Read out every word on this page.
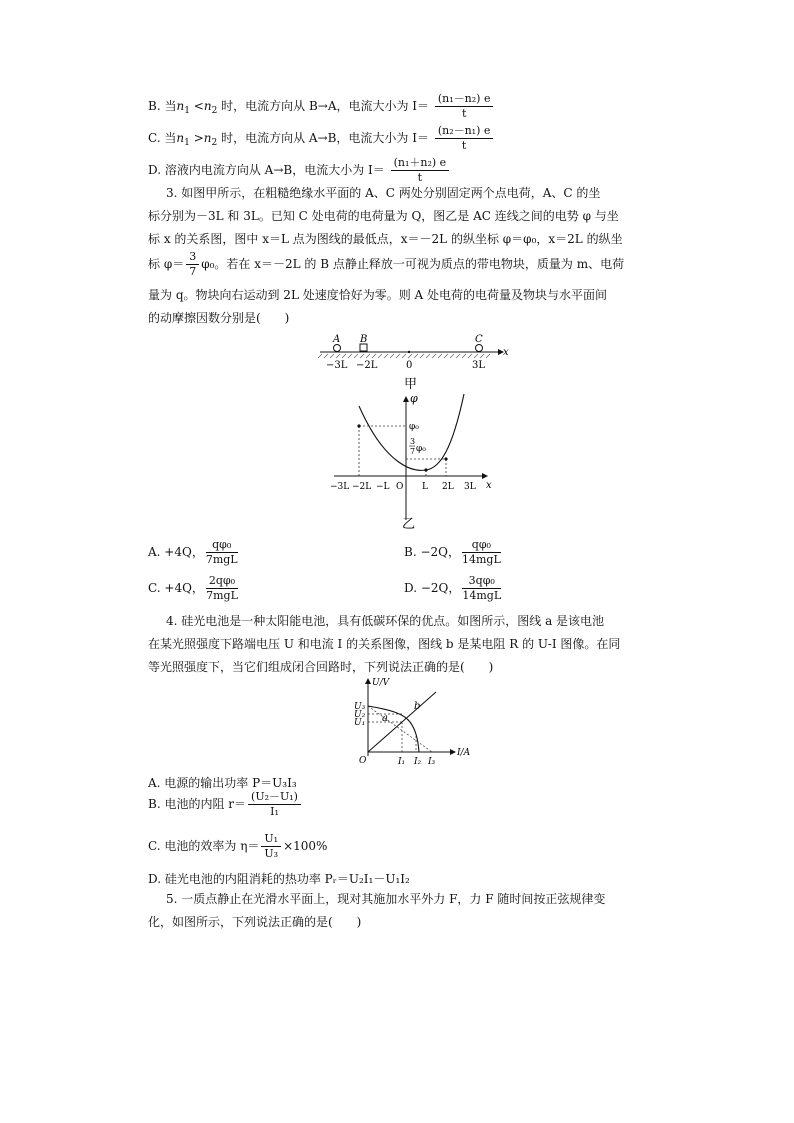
B. 当$n_1 <n_2$ 时，电流方向从 B→A，电流大小为 $I= \frac{\text{(n₁－n₂) e}}{t}$
C. 当$n_1 >n_2$ 时，电流方向从 A→B，电流大小为 $I= \frac{\text{(n₂－n₁) e}}{t}$
D. 溶液内电流方向从 A→B，电流大小为 $I= \frac{\text{(n₁＋n₂) e}}{t}$
3. 如图甲所示，在粗糙绝缘水平面的 A、C 两处分别固定两个点电荷，A、C 的坐
标分别为－3L 和 3L。已知 C 处电荷的电荷量为 Q，图乙是 AC 连线之间的电势 φ 与坐
标 x 的关系图，图中 x＝L 点为图线的最低点，x＝－2L 的纵坐标 φ＝φ₀，x＝2L 的纵坐
标 $\varphi= \frac{3}{7} \varphi_0$。若在 x＝－2L 的 B 点静止释放一可视为质点的带电物块，质量为 m、电荷
量为 q。物块向右运动到 2L 处速度恰好为零。则 A 处电荷的电荷量及物块与水平面间
的动摩擦因数分别是(　　)
A B	C
x
−3L −2L	0	3L
甲
φ
φ₀
3
7 φ₀
x
−3L −2L −L O L 2L 3L
乙
A. +4Q， $\frac{\text{qφ₀}}{\text{7mgL}}$	B. −2Q， $\frac{\text{qφ₀}}{\text{14mgL}}$
C. +4Q， $\frac{\text{2qφ₀}}{\text{7mgL}}$	D. −2Q， $\frac{\text{3qφ₀}}{\text{14mgL}}$
4. 硅光电池是一种太阳能电池，具有低碳环保的优点。如图所示，图线 a 是该电池
在某光照强度下路端电压 U 和电流 I 的关系图像，图线 b 是某电阻 R 的 U-I 图像。在同
等光照强度下，当它们组成闭合回路时，下列说法正确的是(　　)
U/V
I/A
U₃
U₂
U₁
O	I₁ I₂ I₃
a
b
A. 电源的输出功率 P＝U₃I₃
B. 电池的内阻 $r= \frac{\text{(U₂－U₁)}}{\text{I₁}}$
C. 电池的效率为 $\eta= \frac{\text{U₁}}{\text{U₃}} \times 100\%$
D. 硅光电池的内阻消耗的热功率 Pᵣ＝U₂I₁－U₁I₂
5. 一质点静止在光滑水平面上，现对其施加水平外力 F，力 F 随时间按正弦规律变
化，如图所示，下列说法正确的是(　　)
